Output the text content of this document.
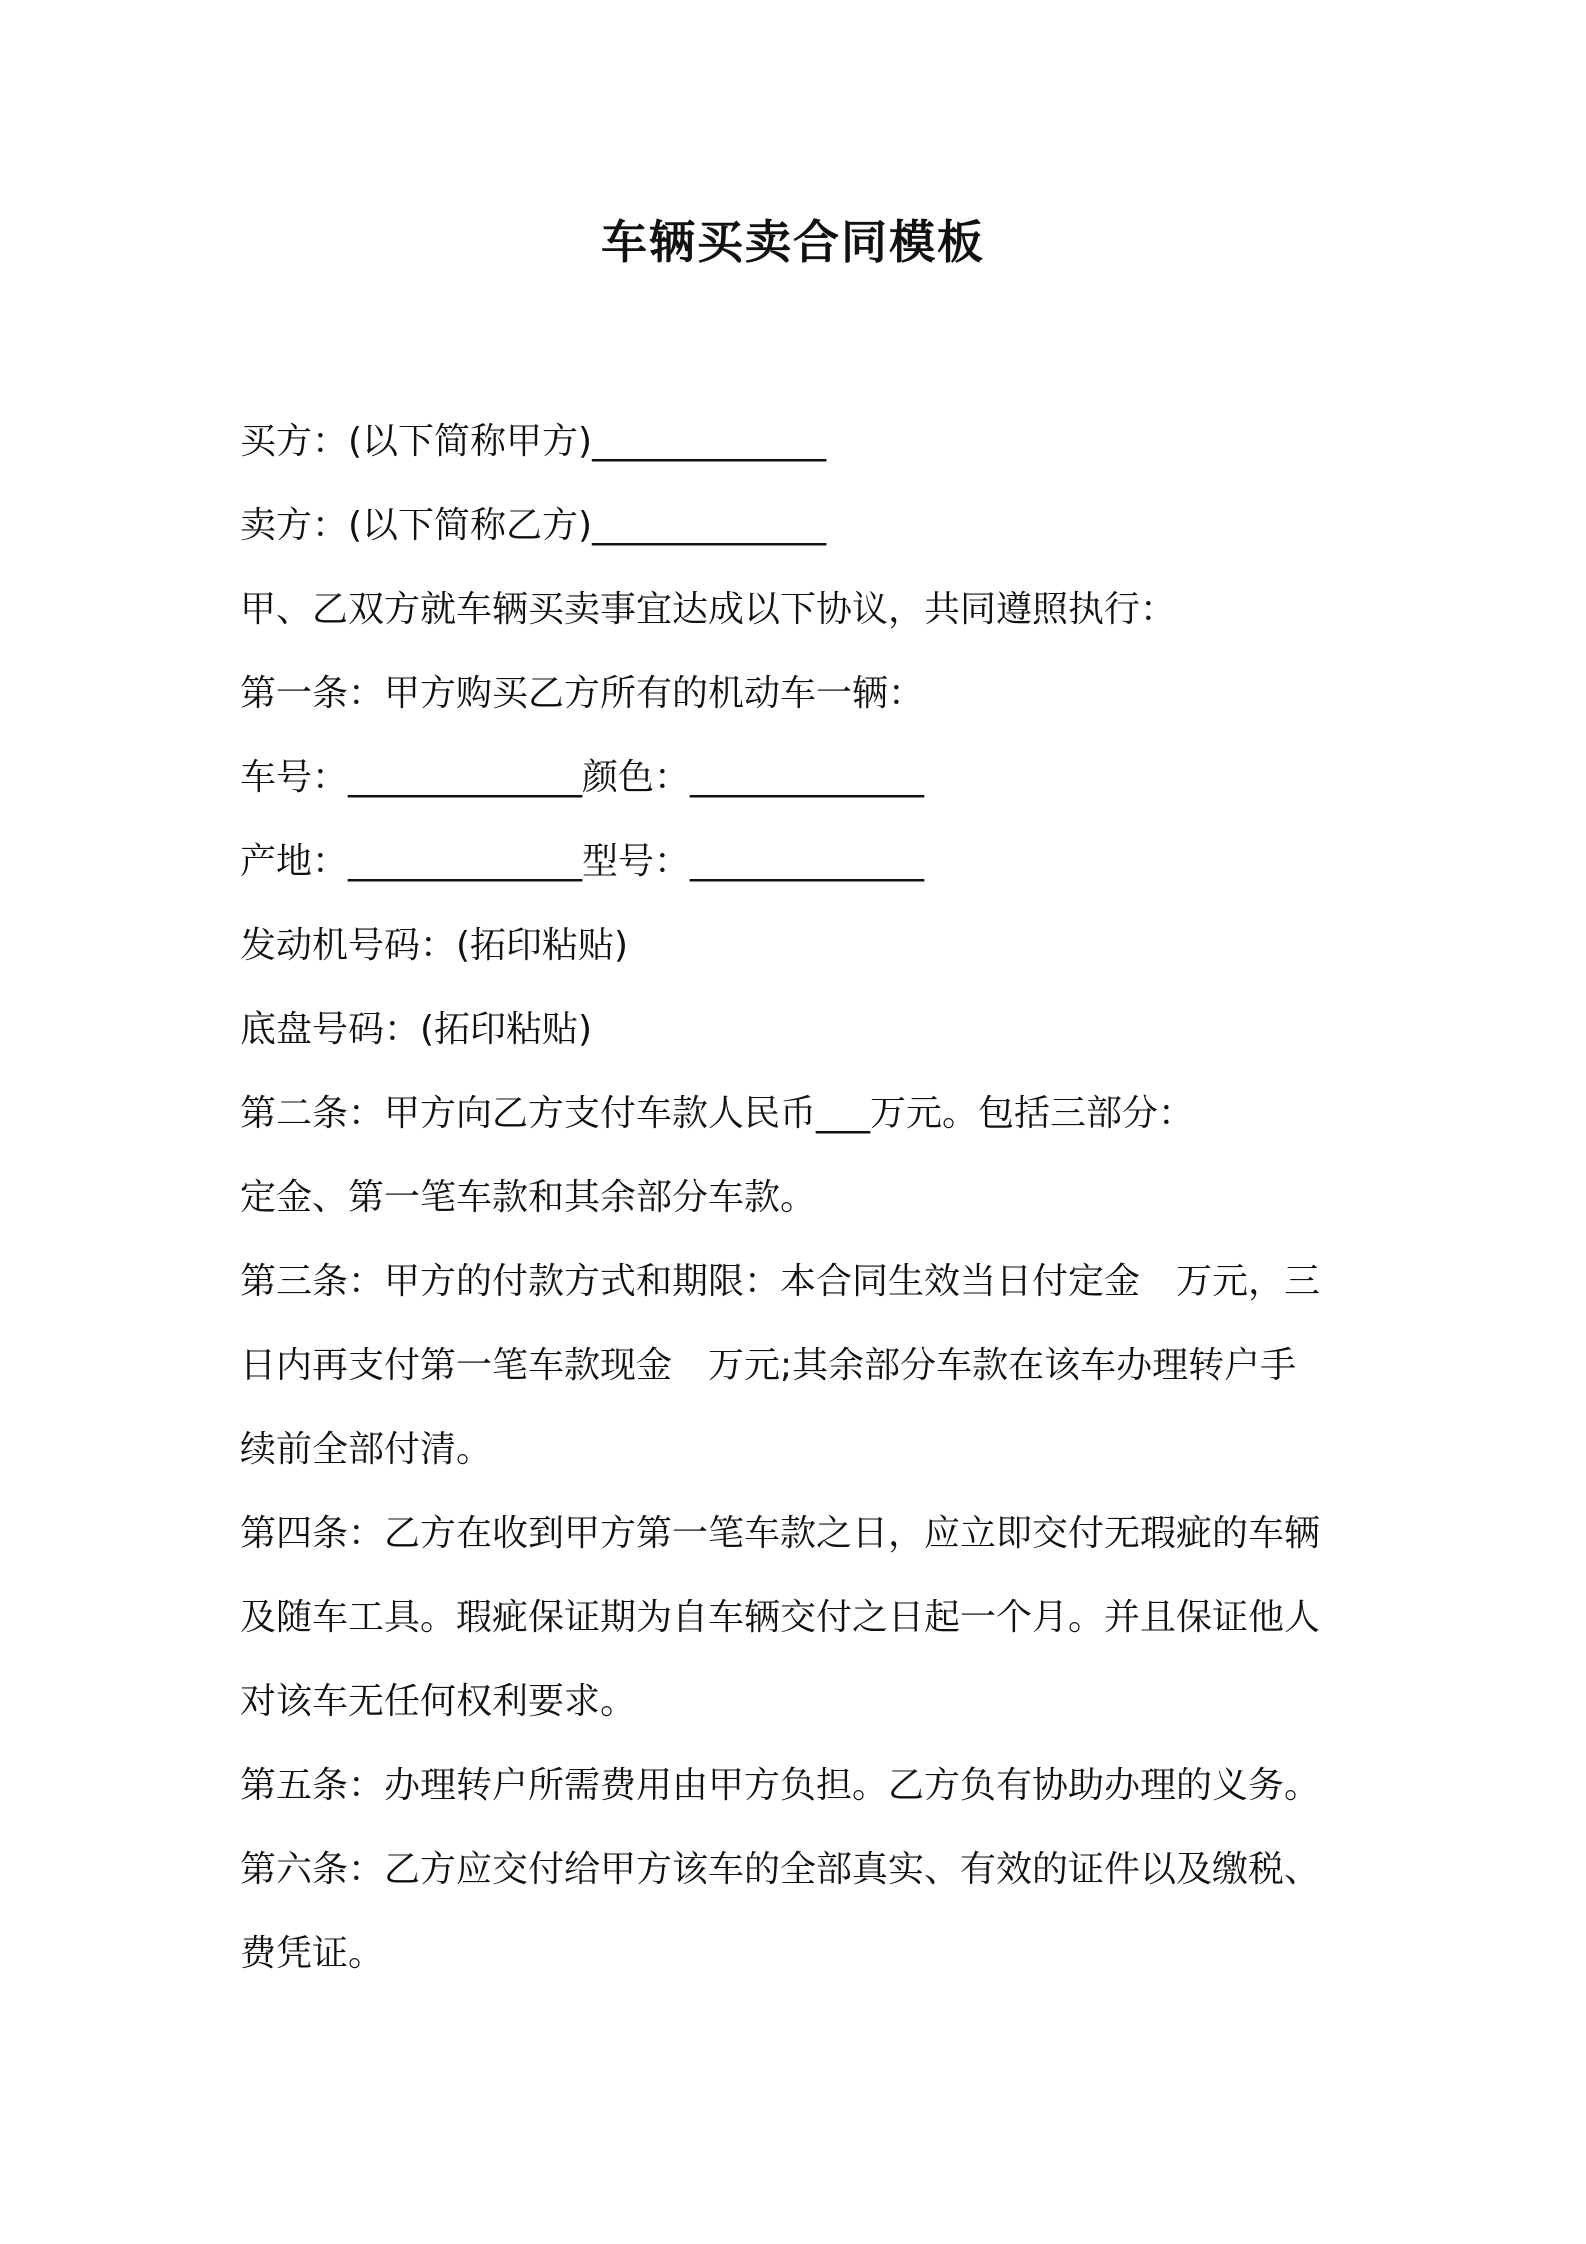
车辆买卖合同模板
买方：(以下简称甲方)_____________
卖方：(以下简称乙方)_____________
甲、乙双方就车辆买卖事宜达成以下协议，共同遵照执行：
第一条：甲方购买乙方所有的机动车一辆：
车号：_____________颜色：_____________
产地：_____________型号：_____________
发动机号码：(拓印粘贴)
底盘号码：(拓印粘贴)
第二条：甲方向乙方支付车款人民币___万元。包括三部分：
定金、第一笔车款和其余部分车款。
第三条：甲方的付款方式和期限：本合同生效当日付定金　万元，三
日内再支付第一笔车款现金　万元;其余部分车款在该车办理转户手
续前全部付清。
第四条：乙方在收到甲方第一笔车款之日，应立即交付无瑕疵的车辆
及随车工具。瑕疵保证期为自车辆交付之日起一个月。并且保证他人
对该车无任何权利要求。
第五条：办理转户所需费用由甲方负担。乙方负有协助办理的义务。
第六条：乙方应交付给甲方该车的全部真实、有效的证件以及缴税、
费凭证。
